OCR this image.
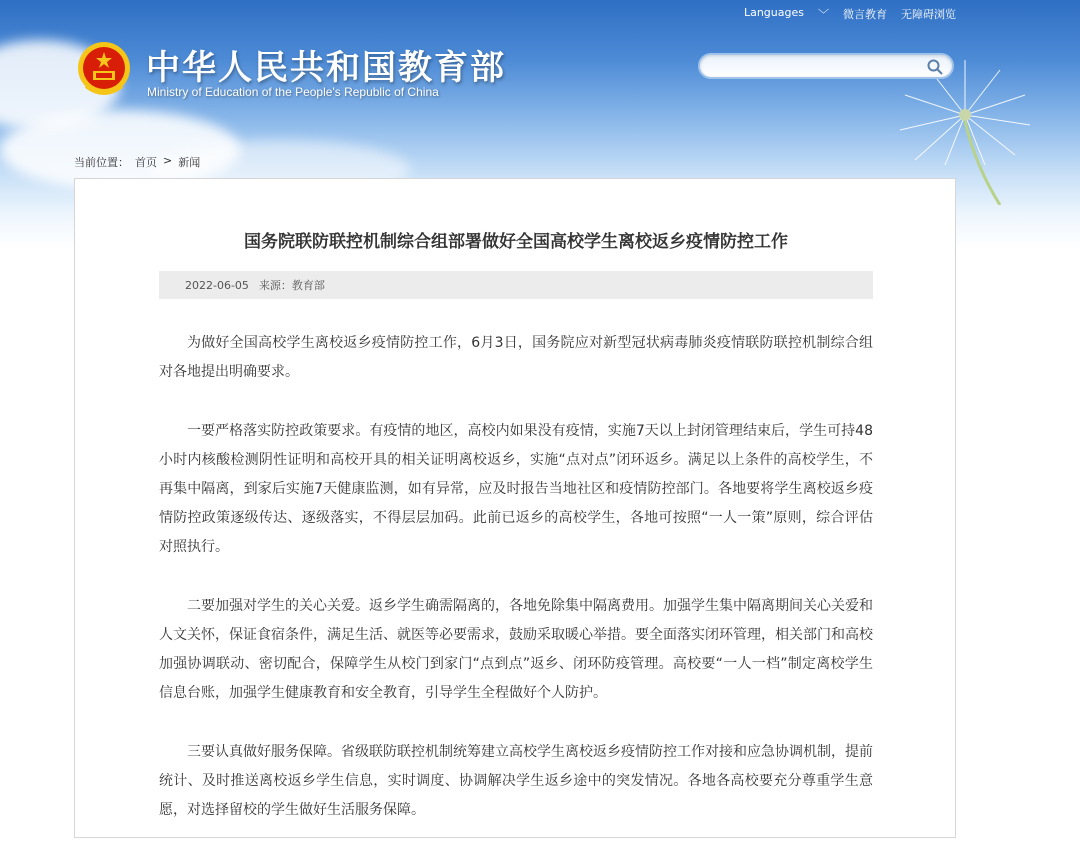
Languages ﹀ 微言教育 无障碍浏览
中华人民共和国教育部
Ministry of Education of the People's Republic of China
当前位置： 首页 > 新闻
国务院联防联控机制综合组部署做好全国高校学生离校返乡疫情防控工作
2022-06-05 来源：教育部

为做好全国高校学生离校返乡疫情防控工作，6月3日，国务院应对新型冠状病毒肺炎疫情联防联控机制综合组对各地提出明确要求。

一要严格落实防控政策要求。有疫情的地区，高校内如果没有疫情，实施7天以上封闭管理结束后，学生可持48小时内核酸检测阴性证明和高校开具的相关证明离校返乡，实施“点对点”闭环返乡。满足以上条件的高校学生，不再集中隔离，到家后实施7天健康监测，如有异常，应及时报告当地社区和疫情防控部门。各地要将学生离校返乡疫情防控政策逐级传达、逐级落实，不得层层加码。此前已返乡的高校学生，各地可按照“一人一策”原则，综合评估对照执行。

二要加强对学生的关心关爱。返乡学生确需隔离的，各地免除集中隔离费用。加强学生集中隔离期间关心关爱和人文关怀，保证食宿条件，满足生活、就医等必要需求，鼓励采取暖心举措。要全面落实闭环管理，相关部门和高校加强协调联动、密切配合，保障学生从校门到家门“点到点”返乡、闭环防疫管理。高校要“一人一档”制定离校学生信息台账，加强学生健康教育和安全教育，引导学生全程做好个人防护。

三要认真做好服务保障。省级联防联控机制统筹建立高校学生离校返乡疫情防控工作对接和应急协调机制，提前统计、及时推送离校返乡学生信息，实时调度、协调解决学生返乡途中的突发情况。各地各高校要充分尊重学生意愿，对选择留校的学生做好生活服务保障。
